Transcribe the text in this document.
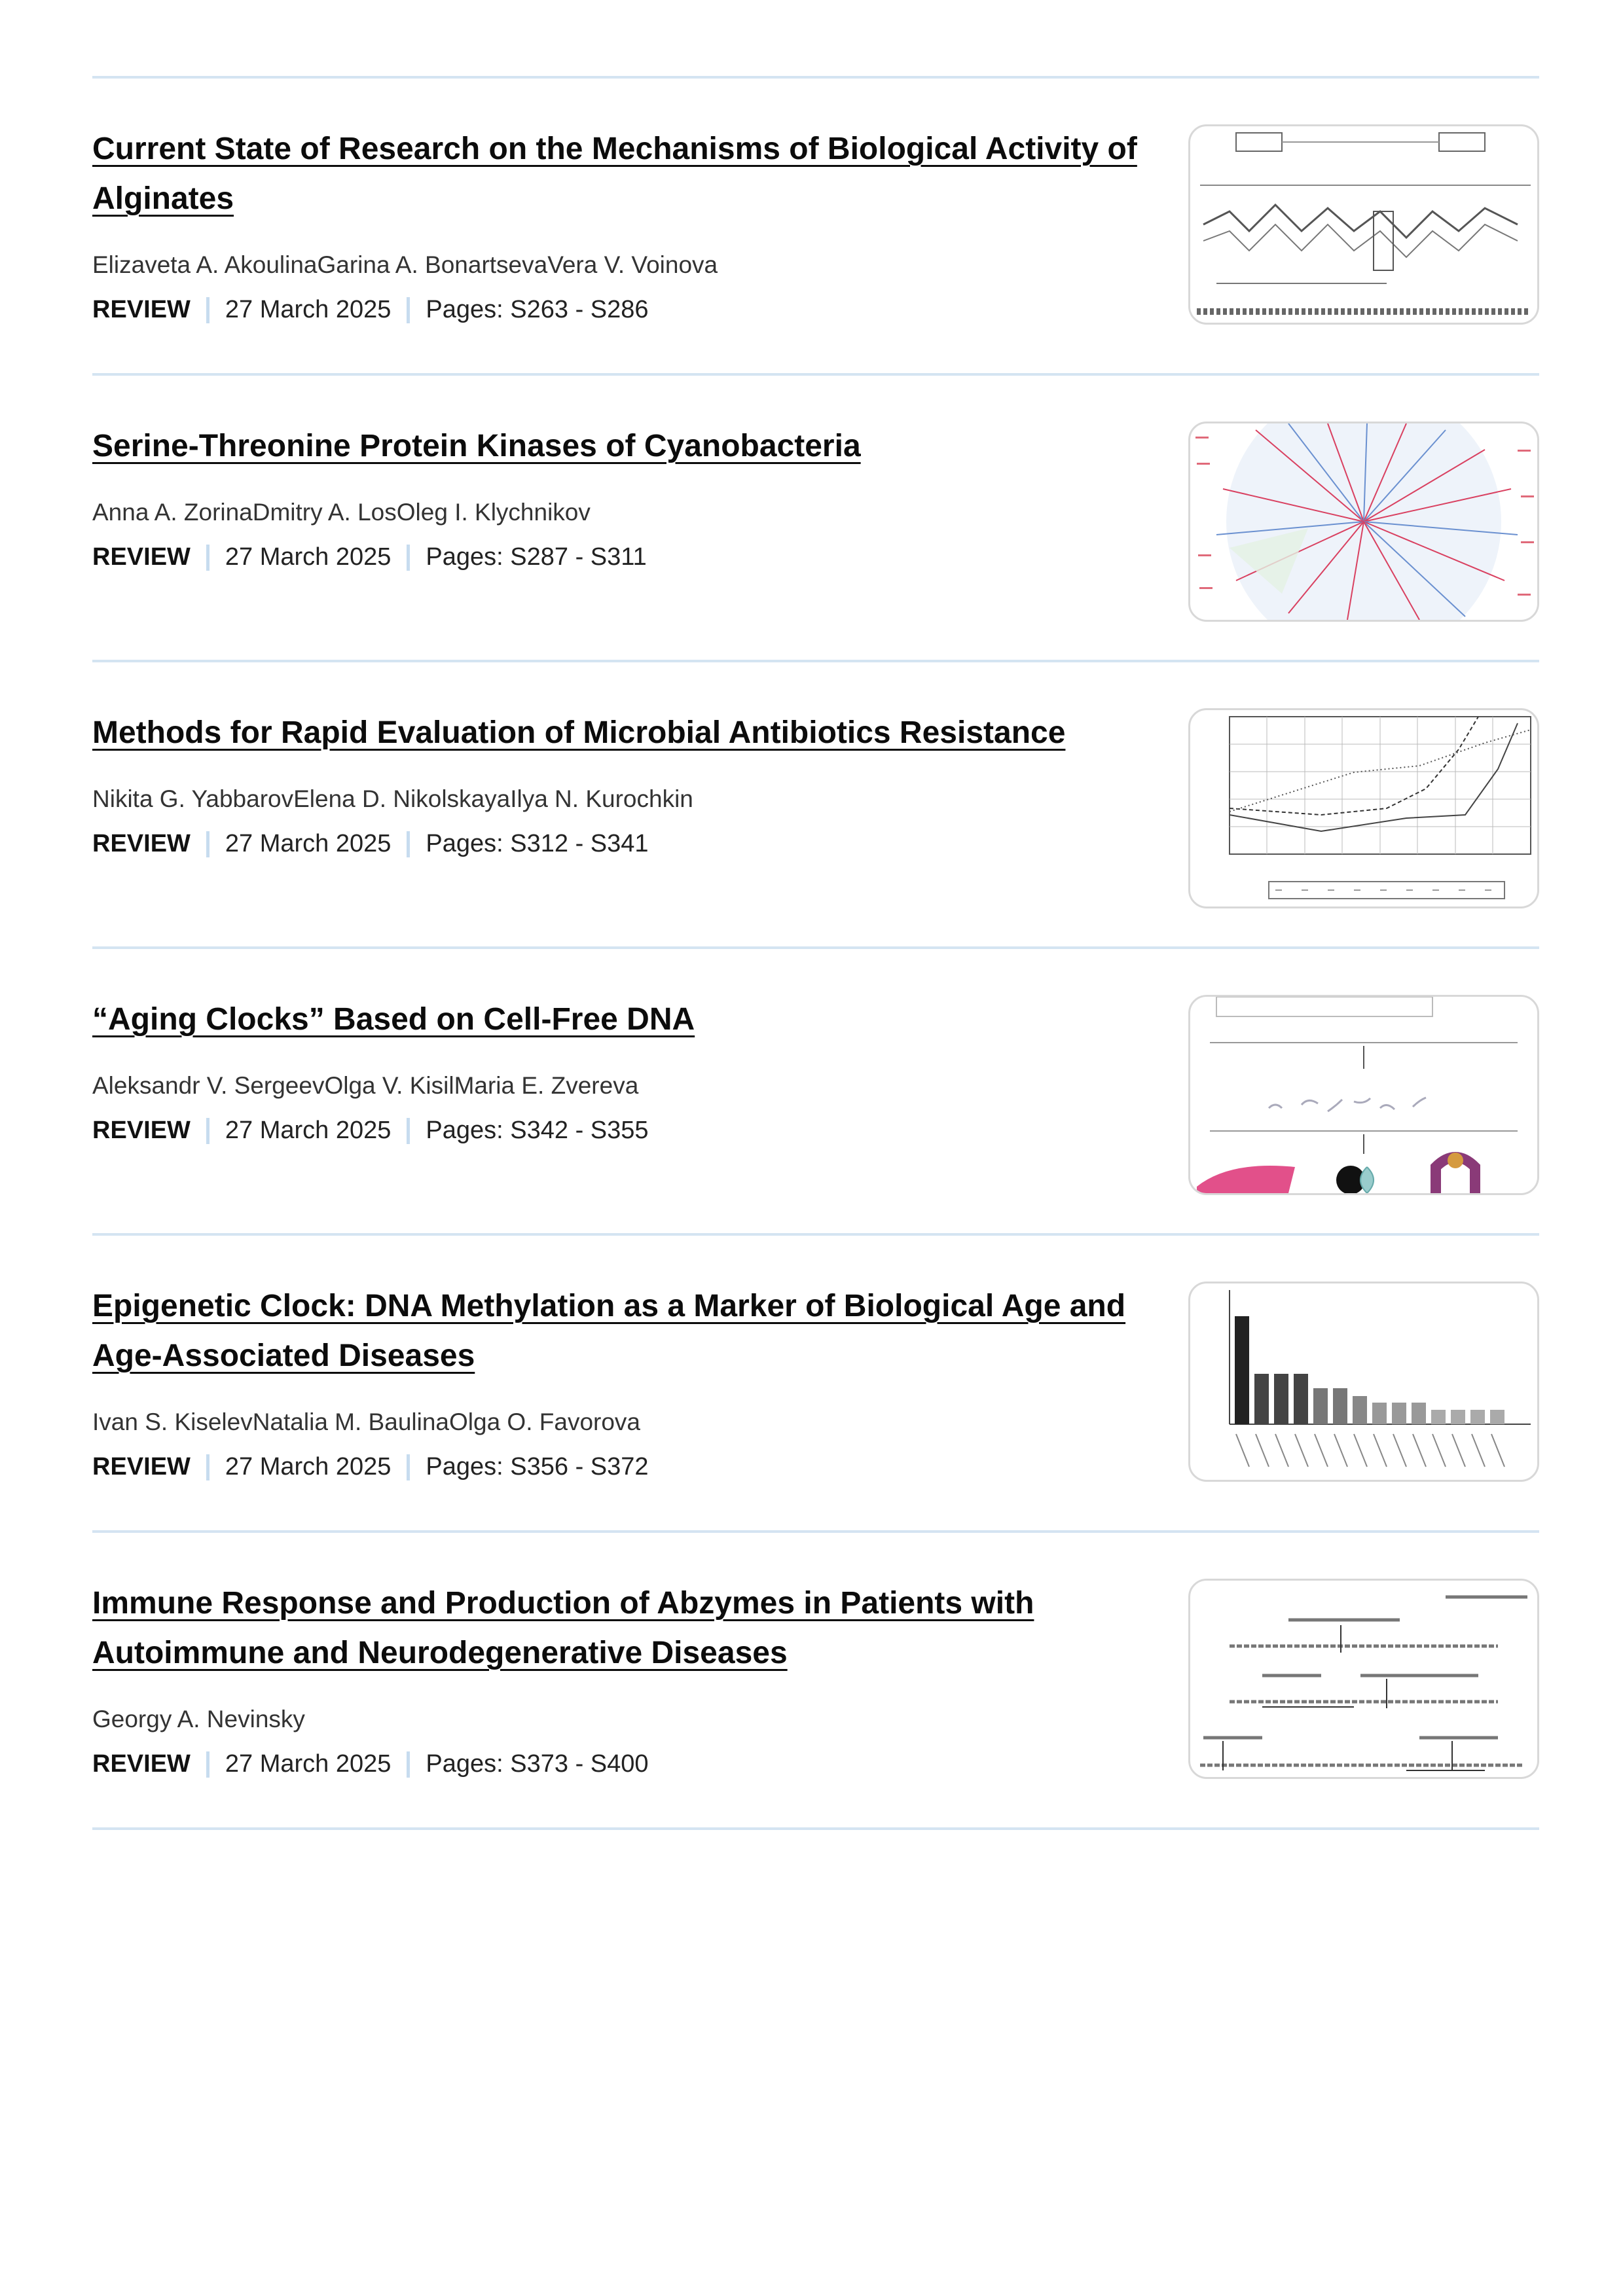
Current State of Research on the Mechanisms of Biological Activity of Alginates
Elizaveta A. AkoulinaGarina A. BonartsevaVera V. Voinova
REVIEW 27 March 2025 Pages: S263 - S286
Serine-Threonine Protein Kinases of Cyanobacteria
Anna A. ZorinaDmitry A. LosOleg I. Klychnikov
REVIEW 27 March 2025 Pages: S287 - S311
Methods for Rapid Evaluation of Microbial Antibiotics Resistance
Nikita G. YabbarovElena D. NikolskayaIlya N. Kurochkin
REVIEW 27 March 2025 Pages: S312 - S341
“Aging Clocks” Based on Cell-Free DNA
Aleksandr V. SergeevOlga V. KisilMaria E. Zvereva
REVIEW 27 March 2025 Pages: S342 - S355
Epigenetic Clock: DNA Methylation as a Marker of Biological Age and Age-Associated Diseases
Ivan S. KiselevNatalia M. BaulinaOlga O. Favorova
REVIEW 27 March 2025 Pages: S356 - S372
Immune Response and Production of Abzymes in Patients with Autoimmune and Neurodegenerative Diseases
Georgy A. Nevinsky
REVIEW 27 March 2025 Pages: S373 - S400
